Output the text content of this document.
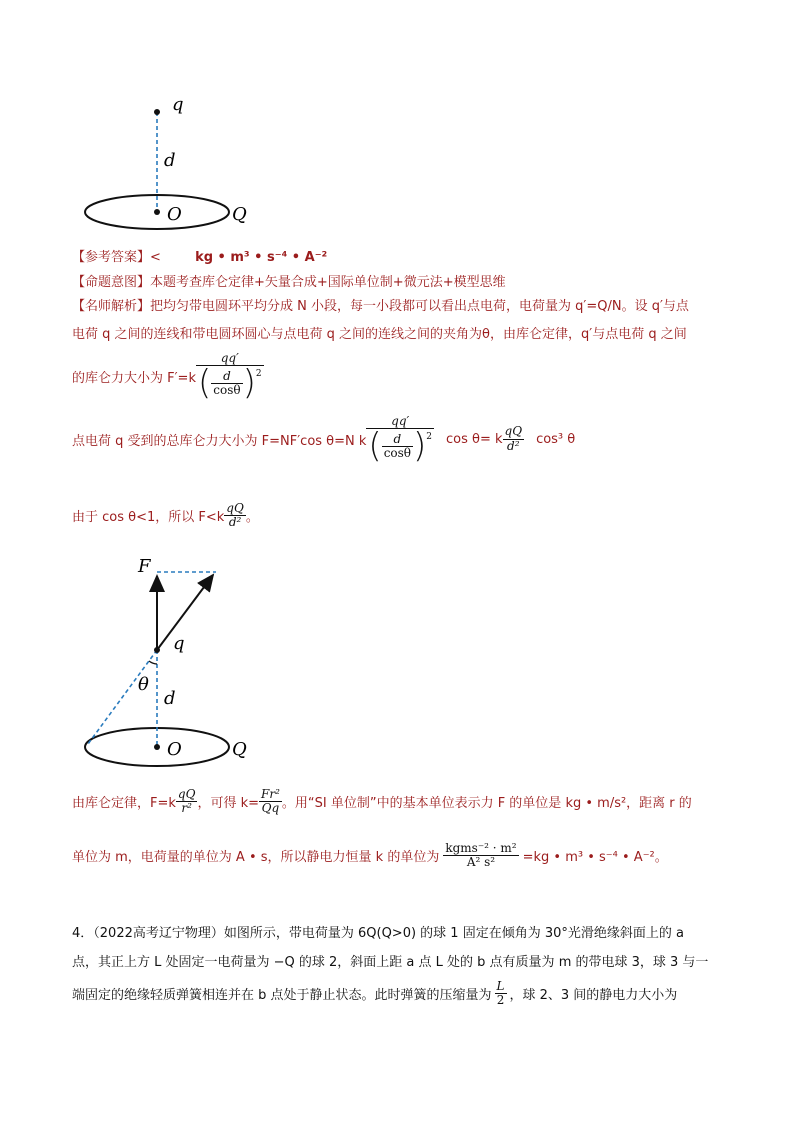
q
d
O	Q
【参考答案】<	kg • m³ • s⁻⁴ • A⁻²
【命题意图】本题考查库仑定律+矢量合成+国际单位制+微元法+模型思维
【名师解析】把均匀带电圆环平均分成 N 小段，每一小段都可以看出点电荷，电荷量为 q′=Q/N。设 q′与点
电荷 q 之间的连线和带电圆环圆心与点电荷 q 之间的连线之间的夹角为θ，由库仑定律，q′与点电荷 q 之间
的库仑力大小为 $F'=k \frac{qq'}{( \frac{d}{\cos\theta} ) 2}$
点电荷 q 受到的总库仑力大小为 F=NF′cos θ=N k $\frac{qq'}{( \frac{d}{\cos\theta} ) 2}$ cos θ= k $\frac{qQ}{\text{d²}} \cos^3$ θ
由于 cos θ<1，所以 $F<k \frac{qQ}{\text{d²}}$ 。
F
q
θ
d
O	Q
由库仑定律，$F=k \frac{qQ}{\text{r²}}$ ，可得 $k= \frac{\text{Fr²}}{Qq}$ 。用“SI 单位制”中的基本单位表示力 F 的单位是 kg • m/s²，距离 r 的
单位为 m，电荷量的单位为 A • s，所以静电力恒量 k 的单位为 $\frac{\text{kgms⁻² · m²}}{\text{A² s²}} =kg$ • m³ • s⁻⁴ • A⁻²。
4．（2022高考辽宁物理）如图所示，带电荷量为 6Q(Q>0) 的球 1 固定在倾角为 30°光滑绝缘斜面上的 a
点，其正上方 L 处固定一电荷量为 −Q 的球 2，斜面上距 a 点 L 处的 b 点有质量为 m 的带电球 3，球 3 与一
端固定的绝缘轻质弹簧相连并在 b 点处于静止状态。此时弹簧的压缩量为 $\frac{L}{2}$ ，球 2、3 间的静电力大小为
